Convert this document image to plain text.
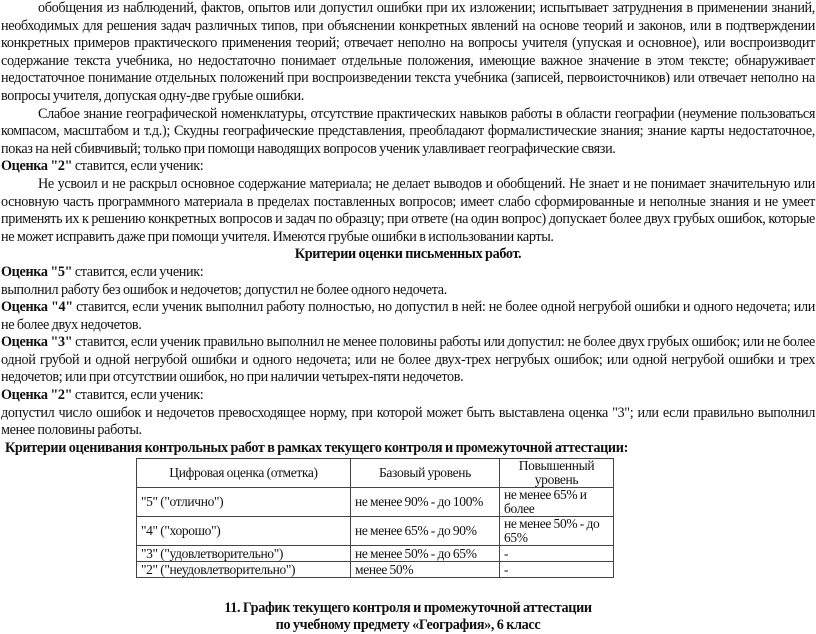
обобщения из наблюдений, фактов, опытов или допустил ошибки при их изложении; испытывает затруднения в применении знаний, необходимых для решения задач различных типов, при объяснении конкретных явлений на основе теорий и законов, или в подтверждении конкретных примеров практического применения теорий; отвечает неполно на вопросы учителя (упуская и основное), или воспроизводит содержание текста учебника, но недостаточно понимает отдельные положения, имеющие важное значение в этом тексте; обнаруживает недостаточное понимание отдельных положений при воспроизведении текста учебника (записей, первоисточников) или отвечает неполно на вопросы учителя, допуская одну-две грубые ошибки.

Слабое знание географической номенклатуры, отсутствие практических навыков работы в области географии (неумение пользоваться компасом, масштабом и т.д.); Скудны географические представления, преобладают формалистические знания; знание карты недостаточное, показ на ней сбивчивый; только при помощи наводящих вопросов ученик улавливает географические связи.

Оценка "2" ставится, если ученик:

Не усвоил и не раскрыл основное содержание материала; не делает выводов и обобщений. Не знает и не понимает значительную или основную часть программного материала в пределах поставленных вопросов; имеет слабо сформированные и неполные знания и не умеет применять их к решению конкретных вопросов и задач по образцу; при ответе (на один вопрос) допускает более двух грубых ошибок, которые не может исправить даже при помощи учителя. Имеются грубые ошибки в использовании карты.

Критерии оценки письменных работ.

Оценка "5" ставится, если ученик:

выполнил работу без ошибок и недочетов; допустил не более одного недочета.

Оценка "4" ставится, если ученик выполнил работу полностью, но допустил в ней: не более одной негрубой ошибки и одного недочета; или не более двух недочетов.

Оценка "3" ставится, если ученик правильно выполнил не менее половины работы или допустил: не более двух грубых ошибок; или не более одной грубой и одной негрубой ошибки и одного недочета; или не более двух-трех негрубых ошибок; или одной негрубой ошибки и трех недочетов; или при отсутствии ошибок, но при наличии четырех-пяти недочетов.

Оценка "2" ставится, если ученик:

допустил число ошибок и недочетов превосходящее норму, при которой может быть выставлена оценка "3"; или если правильно выполнил менее половины работы.

Критерии оценивания контрольных работ в рамках текущего контроля и промежуточной аттестации:

Цифровая оценка (отметка)	Базовый уровень	Повышенный уровень
"5" ("отлично")	не менее 90% - до 100%	не менее 65% и более
"4" ("хорошо")	не менее 65% - до 90%	не менее 50% - до 65%
"3" ("удовлетворительно")	не менее 50% - до 65%	-
"2" ("неудовлетворительно")	менее 50%	-
11. График текущего контроля и промежуточной аттестации
по учебному предмету «География», 6 класс
